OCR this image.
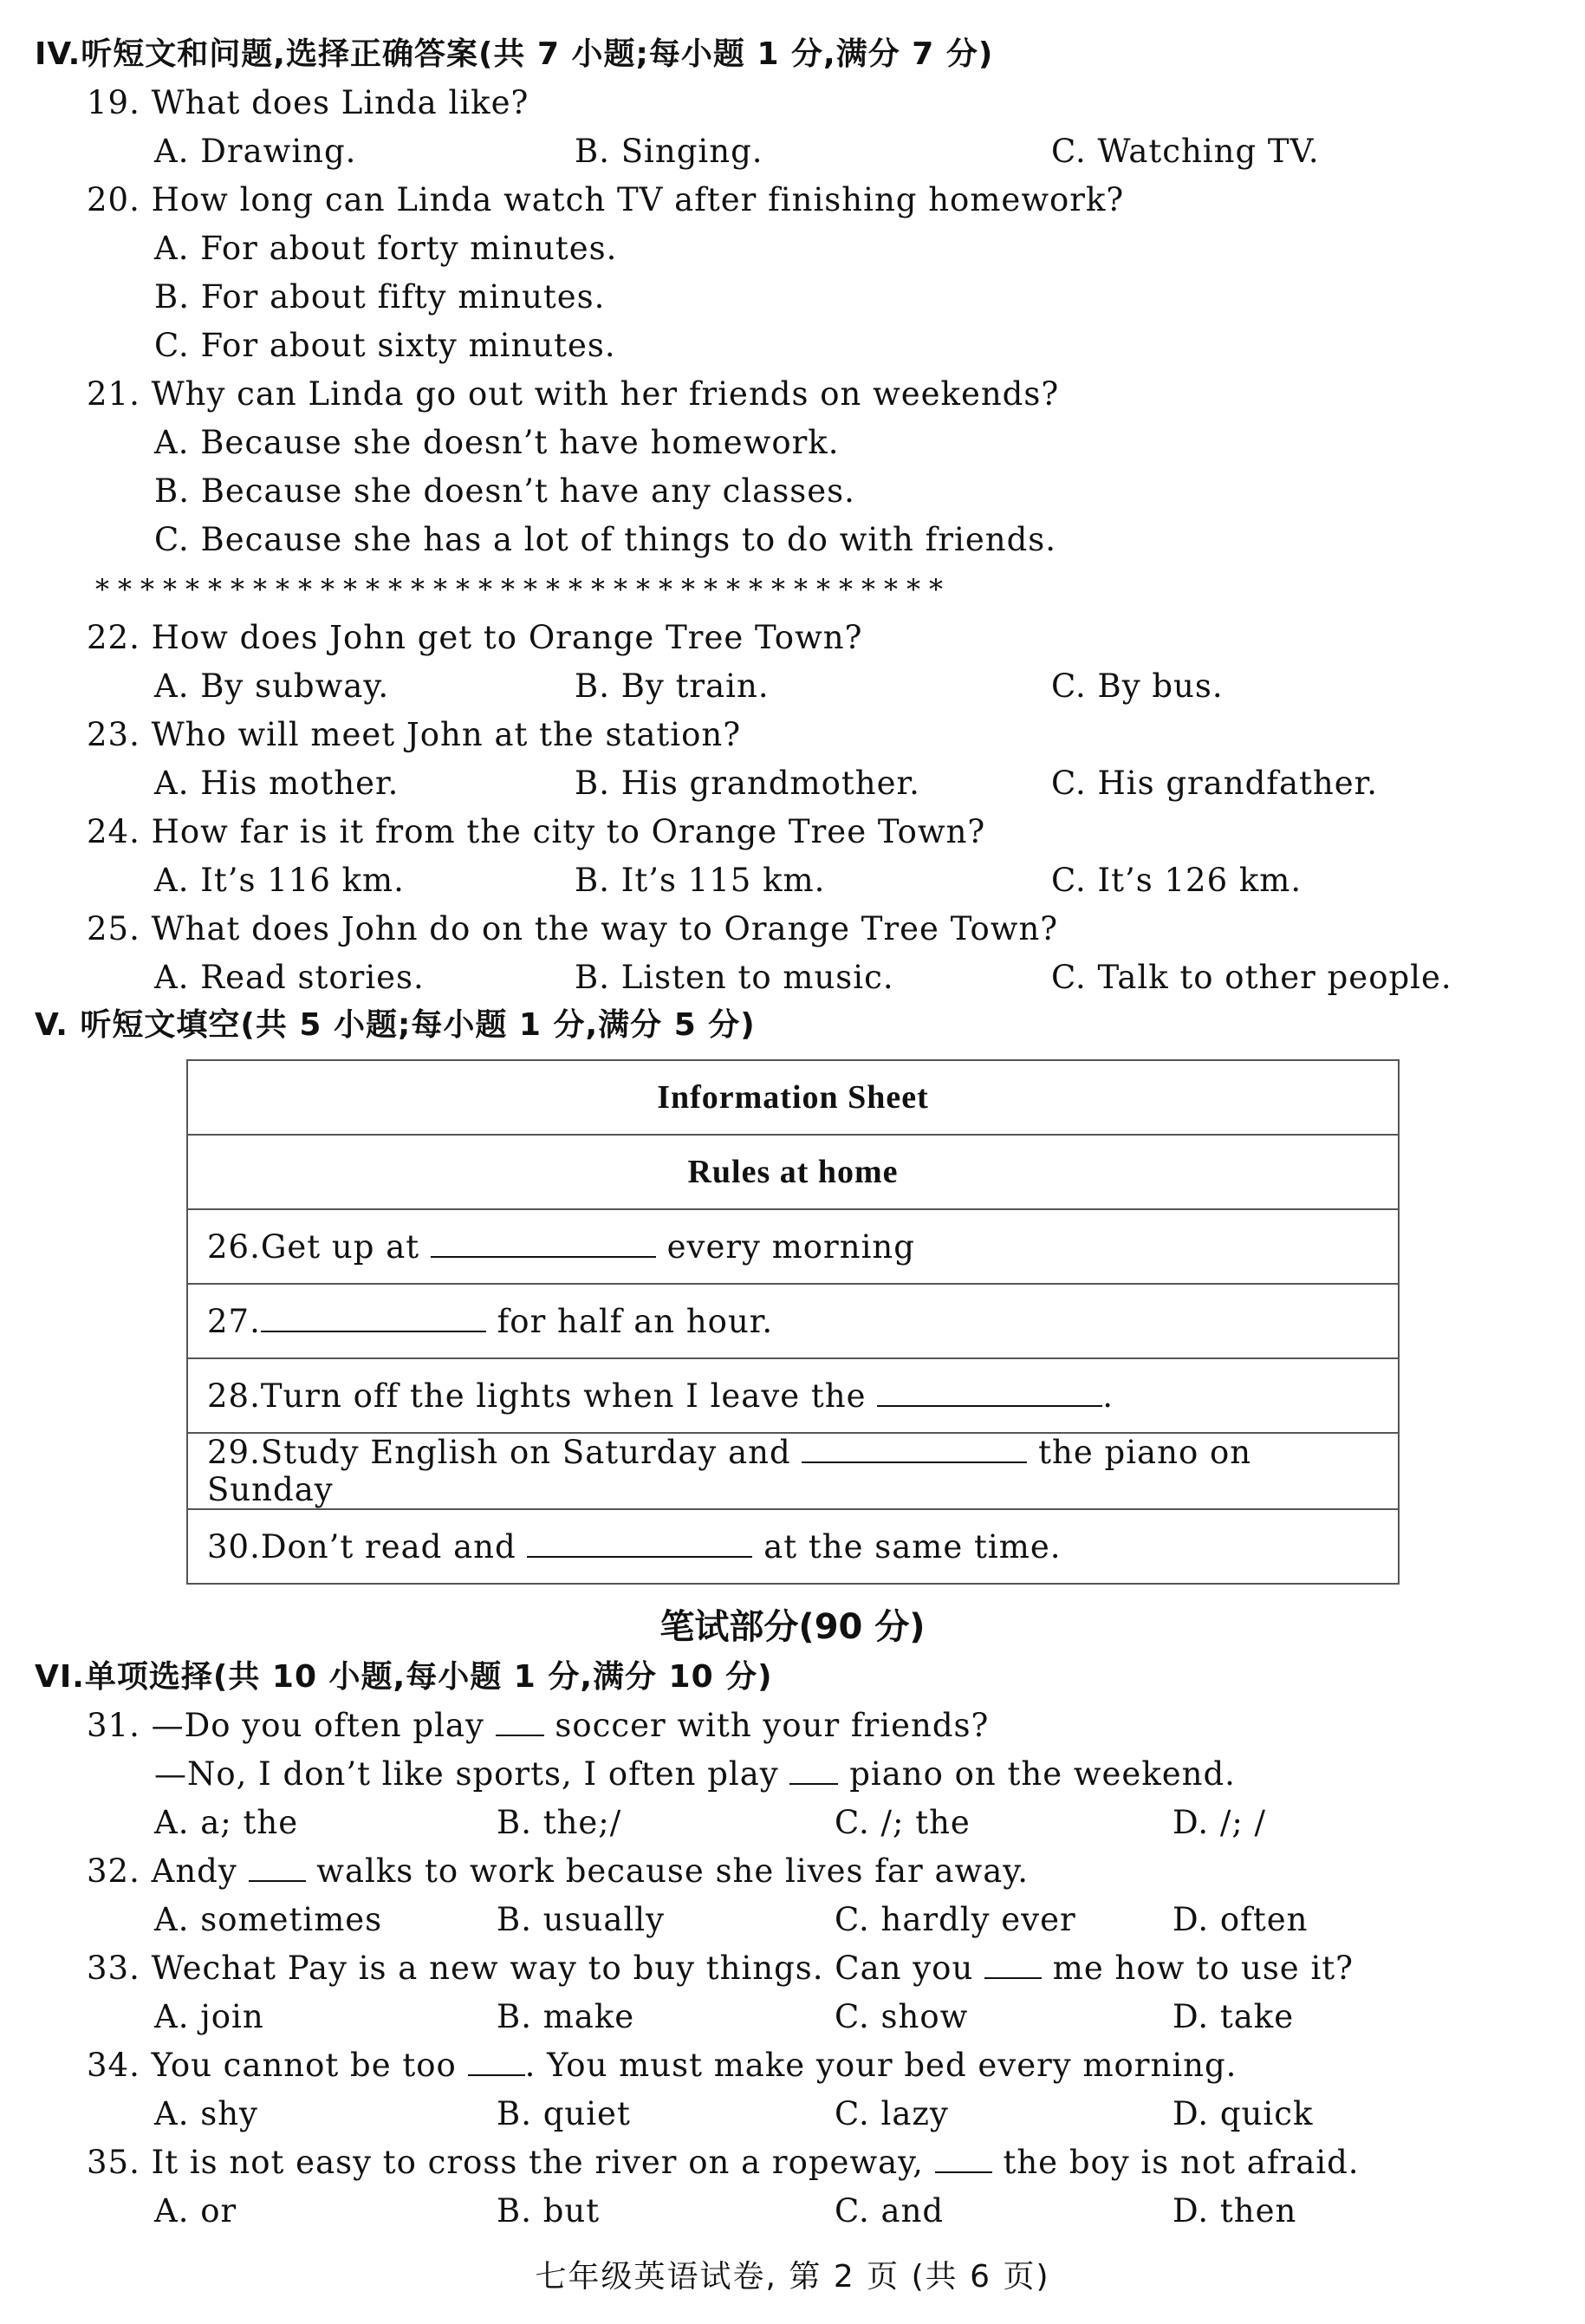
IV.听短文和问题,选择正确答案(共 7 小题;每小题 1 分,满分 7 分)
19. What does Linda like?
A. Drawing.	B. Singing.	C. Watching TV.
20. How long can Linda watch TV after finishing homework?
A. For about forty minutes.
B. For about fifty minutes.
C. For about sixty minutes.
21. Why can Linda go out with her friends on weekends?
A. Because she doesn’t have homework.
B. Because she doesn’t have any classes.
C. Because she has a lot of things to do with friends.
**************************************
22. How does John get to Orange Tree Town?
A. By subway.	B. By train.	C. By bus.
23. Who will meet John at the station?
A. His mother.	B. His grandmother.	C. His grandfather.
24. How far is it from the city to Orange Tree Town?
A. It’s 116 km.	B. It’s 115 km.	C. It’s 126 km.
25. What does John do on the way to Orange Tree Town?
A. Read stories.	B. Listen to music.	C. Talk to other people.
V. 听短文填空(共 5 小题;每小题 1 分,满分 5 分)
Information Sheet
Rules at home
26.Get up at	every morning
27.	for half an hour.
28.Turn off the lights when I leave the	.
29.Study English on Saturday and	the piano on Sunday
30.Don’t read and	at the same time.
笔试部分(90 分)
VI.单项选择(共 10 小题,每小题 1 分,满分 10 分)
31. —Do you often play  soccer with your friends?
—No, I don’t like sports, I often play  piano on the weekend.
A. a; the	B. the;/	C. /; the	D. /; /
32. Andy  walks to work because she lives far away.
A. sometimes	B. usually	C. hardly ever	D. often
33. Wechat Pay is a new way to buy things. Can you  me how to use it?
A. join	B. make	C. show	D. take
34. You cannot be too . You must make your bed every morning.
A. shy	B. quiet	C. lazy	D. quick
35. It is not easy to cross the river on a ropeway,  the boy is not afraid.
A. or	B. but	C. and	D. then
七年级英语试卷, 第 2 页 (共 6 页)
